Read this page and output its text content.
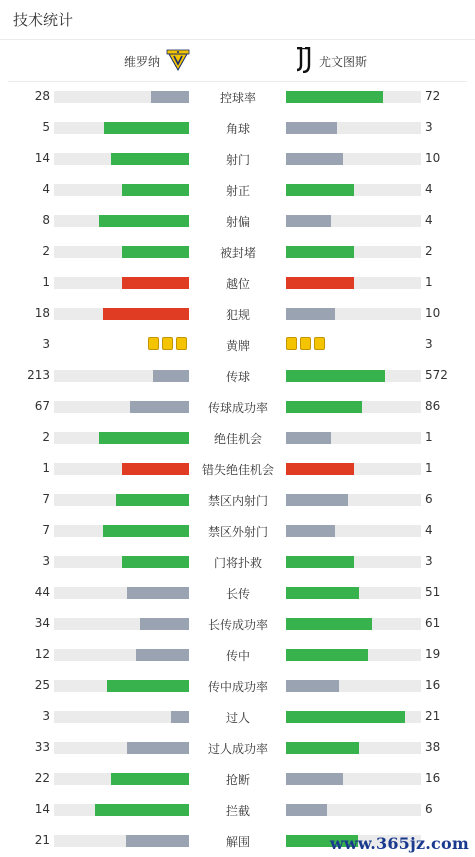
技术统计
维罗纳	尤文图斯
28	控球率	72
5	角球	3
14	射门	10
4	射正	4
8	射偏	4
2	被封堵	2
1	越位	1
18	犯规	10
3	黄牌	3
213	传球	572
67	传球成功率	86
2	绝佳机会	1
1	错失绝佳机会	1
7	禁区内射门	6
7	禁区外射门	4
3	门将扑救	3
44	长传	51
34	长传成功率	61
12	传中	19
25	传中成功率	16
3	过人	21
33	过人成功率	38
22	抢断	16
14	拦截	6
21	解围	www.365jz.com
